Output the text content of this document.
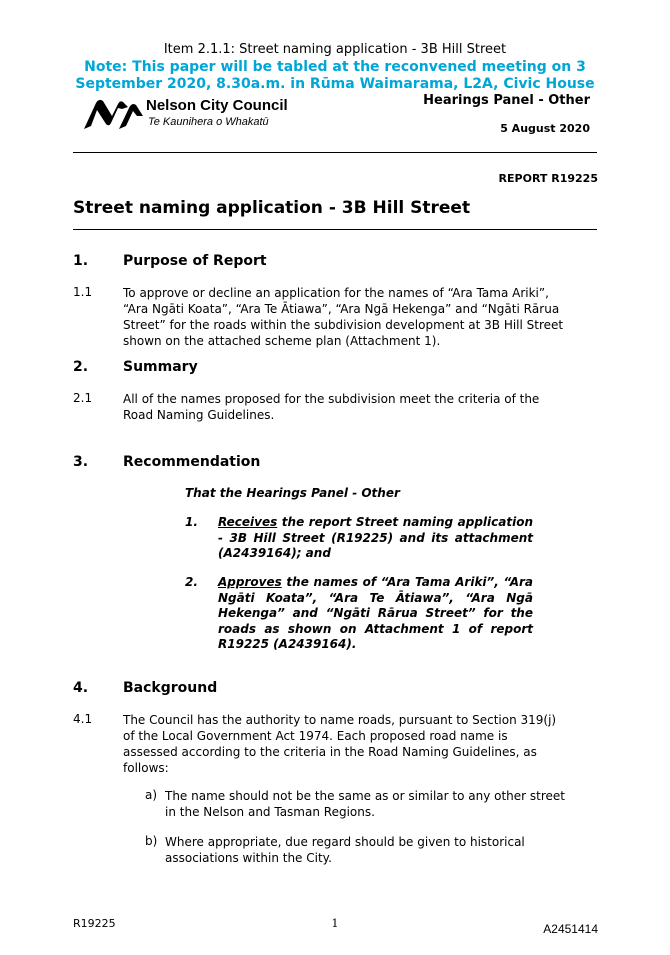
Item 2.1.1: Street naming application - 3B Hill Street
Note: This paper will be tabled at the reconvened meeting on 3
September 2020, 8.30a.m. in Rūma Waimarama, L2A, Civic House
Nelson City Council
Te Kaunihera o Whakatū
Hearings Panel - Other
5 August 2020
REPORT R19225
Street naming application - 3B Hill Street
1. Purpose of Report
1.1	To approve or decline an application for the names of “Ara Tama Ariki”,
“Ara Ngāti Koata”, “Ara Te Ātiawa”, “Ara Ngā Hekenga” and “Ngāti Rārua
Street” for the roads within the subdivision development at 3B Hill Street
shown on the attached scheme plan (Attachment 1).
2. Summary
2.1	All of the names proposed for the subdivision meet the criteria of the
Road Naming Guidelines.
3. Recommendation
That the Hearings Panel - Other
1. Receives the report Street naming application - 3B Hill Street (R19225) and its attachment (A2439164); and
2. Approves the names of “Ara Tama Ariki”, “Ara Ngāti Koata”, “Ara Te Ātiawa”, “Ara Ngā Hekenga” and “Ngāti Rārua Street” for the roads as shown on Attachment 1 of report R19225 (A2439164).
4. Background
4.1	The Council has the authority to name roads, pursuant to Section 319(j)
of the Local Government Act 1974. Each proposed road name is
assessed according to the criteria in the Road Naming Guidelines, as
follows:
a) The name should not be the same as or similar to any other street
in the Nelson and Tasman Regions.
b) Where appropriate, due regard should be given to historical
associations within the City.
R19225	1	A2451414
